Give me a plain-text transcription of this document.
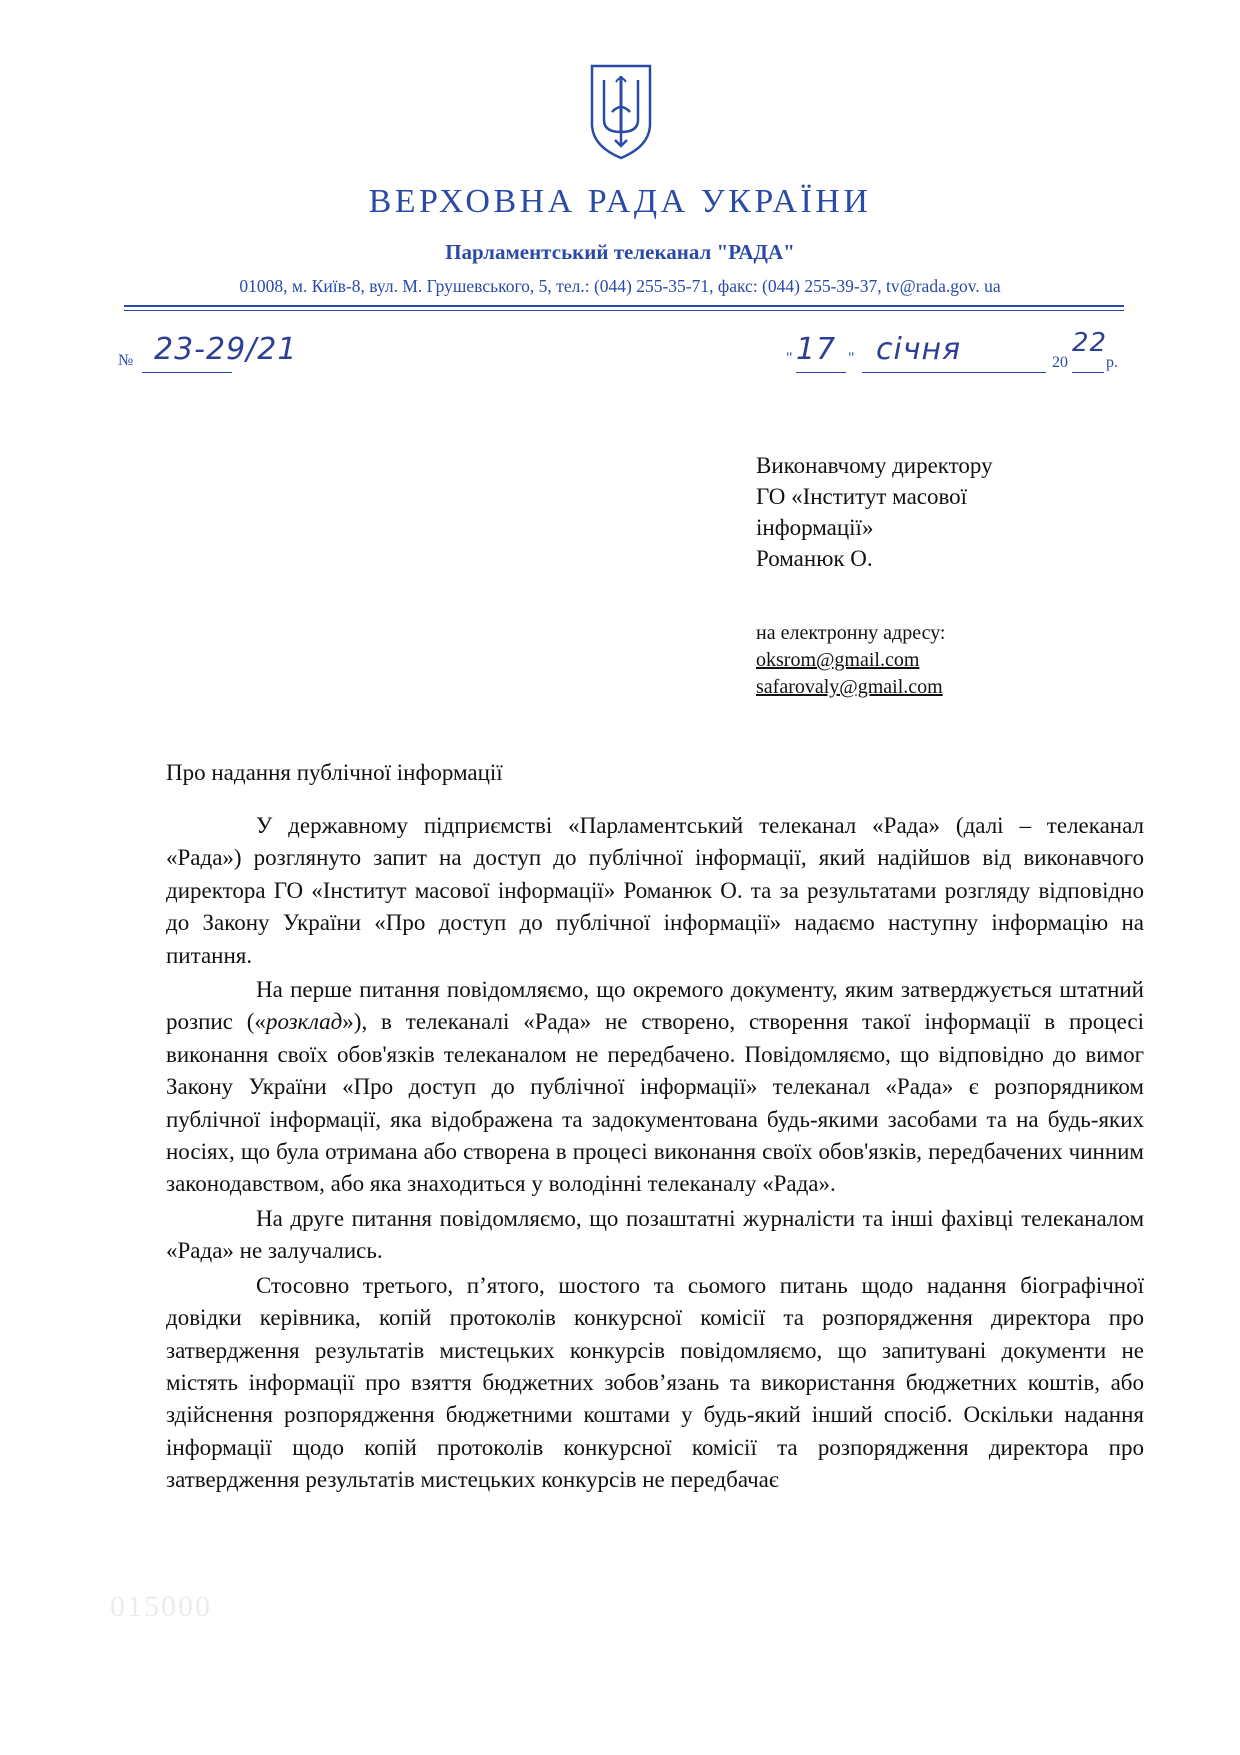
ВЕРХОВНА РАДА УКРАЇНИ
Парламентський телеканал "РАДА"
01008, м. Київ-8, вул. М. Грушевського, 5, тел.: (044) 255-35-71, факс: (044) 255-39-37, tv@rada.gov. ua
№ 23-29/21	" 17 " січня	20
22
р.
Виконавчому директору
ГО «Інститут масової
інформації»
Романюк О.
на електронну адресу:
oksrom@gmail.com
safarovaly@gmail.com
Про надання публічної інформації

У державному підприємстві «Парламентський телеканал «Рада» (далі – телеканал «Рада») розглянуто запит на доступ до публічної інформації, який надійшов від виконавчого директора ГО «Інститут масової інформації» Романюк О. та за результатами розгляду відповідно до Закону України «Про доступ до публічної інформації» надаємо наступну інформацію на питання.

На перше питання повідомляємо, що окремого документу, яким затверджується штатний розпис («розклад»), в телеканалі «Рада» не створено, створення такої інформації в процесі виконання своїх обов'язків телеканалом не передбачено. Повідомляємо, що відповідно до вимог Закону України «Про доступ до публічної інформації» телеканал «Рада» є розпорядником публічної інформації, яка відображена та задокументована будь-якими засобами та на будь-яких носіях, що була отримана або створена в процесі виконання своїх обов'язків, передбачених чинним законодавством, або яка знаходиться у володінні телеканалу «Рада».

На друге питання повідомляємо, що позаштатні журналісти та інші фахівці телеканалом «Рада» не залучались.

Стосовно третього, п’ятого, шостого та сьомого питань щодо надання біографічної довідки керівника, копій протоколів конкурсної комісії та розпорядження директора про затвердження результатів мистецьких конкурсів повідомляємо, що запитувані документи не містять інформації про взяття бюджетних зобов’язань та використання бюджетних коштів, або здійснення розпорядження бюджетними коштами у будь-який інший спосіб. Оскільки надання інформації щодо копій протоколів конкурсної комісії та розпорядження директора про затвердження результатів мистецьких конкурсів не передбачає

015000
